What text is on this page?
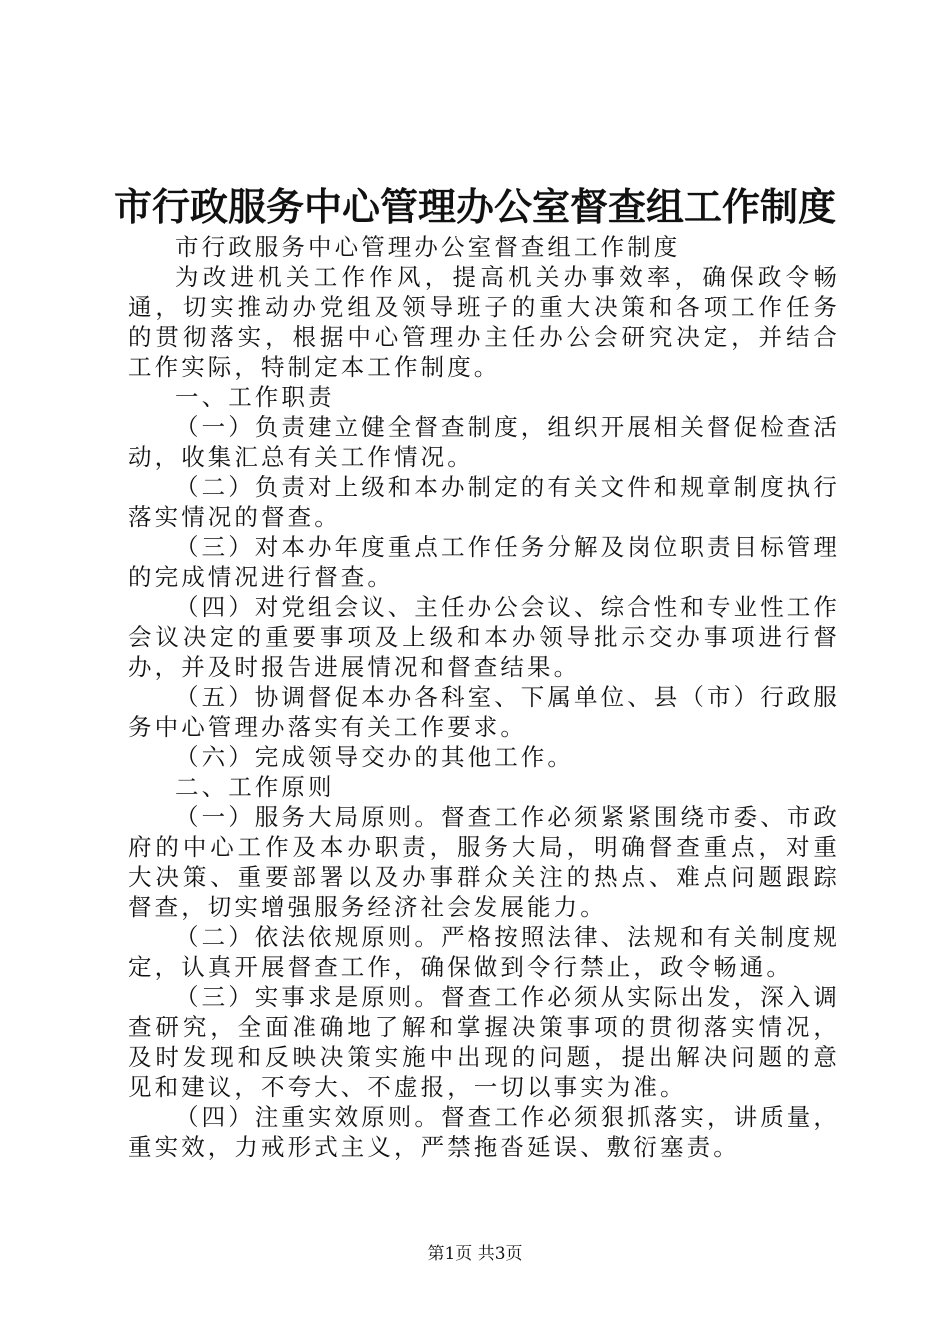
市行政服务中心管理办公室督查组工作制度

市行政服务中心管理办公室督查组工作制度

为改进机关工作作风，提高机关办事效率，确保政令畅通，切实推动办党组及领导班子的重大决策和各项工作任务的贯彻落实，根据中心管理办主任办公会研究决定，并结合工作实际，特制定本工作制度。

一、工作职责

（一）负责建立健全督查制度，组织开展相关督促检查活动，收集汇总有关工作情况。

（二）负责对上级和本办制定的有关文件和规章制度执行落实情况的督查。

（三）对本办年度重点工作任务分解及岗位职责目标管理的完成情况进行督查。

（四）对党组会议、主任办公会议、综合性和专业性工作会议决定的重要事项及上级和本办领导批示交办事项进行督办，并及时报告进展情况和督查结果。

（五）协调督促本办各科室、下属单位、县（市）行政服务中心管理办落实有关工作要求。

（六）完成领导交办的其他工作。

二、工作原则

（一）服务大局原则。督查工作必须紧紧围绕市委、市政府的中心工作及本办职责，服务大局，明确督查重点，对重大决策、重要部署以及办事群众关注的热点、难点问题跟踪督查，切实增强服务经济社会发展能力。

（二）依法依规原则。严格按照法律、法规和有关制度规定，认真开展督查工作，确保做到令行禁止，政令畅通。

（三）实事求是原则。督查工作必须从实际出发，深入调查研究，全面准确地了解和掌握决策事项的贯彻落实情况，及时发现和反映决策实施中出现的问题，提出解决问题的意见和建议，不夸大、不虚报，一切以事实为准。

（四）注重实效原则。督查工作必须狠抓落实，讲质量，重实效，力戒形式主义，严禁拖沓延误、敷衍塞责。

第1页 共3页
